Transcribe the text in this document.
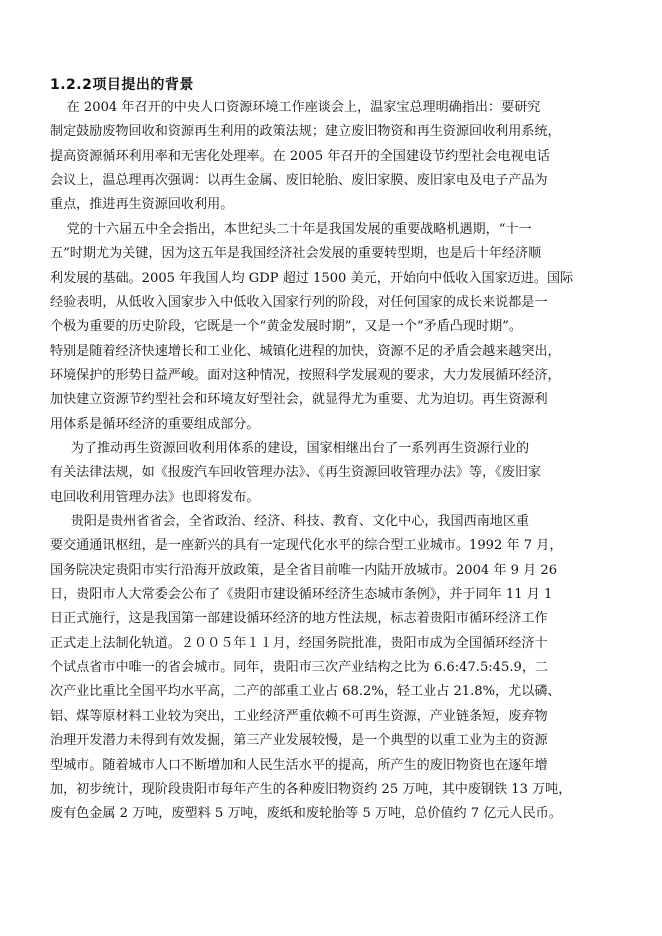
1.2.2项目提出的背景
在 2004 年召开的中央人口资源环境工作座谈会上，温家宝总理明确指出：要研究
制定鼓励废物回收和资源再生利用的政策法规；建立废旧物资和再生资源回收利用系统，
提高资源循环利用率和无害化处理率。在 2005 年召开的全国建设节约型社会电视电话
会议上，温总理再次强调：以再生金属、废旧轮胎、废旧家膜、废旧家电及电子产品为
重点，推进再生资源回收利用。
党的十六届五中全会指出，本世纪头二十年是我国发展的重要战略机遇期，“十一
五”时期尤为关键，因为这五年是我国经济社会发展的重要转型期，也是后十年经济顺
利发展的基础。2005 年我国人均 GDP 超过 1500 美元，开始向中低收入国家迈进。国际
经验表明，从低收入国家步入中低收入国家行列的阶段，对任何国家的成长来说都是一
个极为重要的历史阶段，它既是一个“黄金发展时期”，又是一个“矛盾凸现时期”。
特别是随着经济快速增长和工业化、城镇化进程的加快，资源不足的矛盾会越来越突出，
环境保护的形势日益严峻。面对这种情况，按照科学发展观的要求，大力发展循环经济，
加快建立资源节约型社会和环境友好型社会，就显得尤为重要、尤为迫切。再生资源利
用体系是循环经济的重要组成部分。
为了推动再生资源回收利用体系的建设，国家相继出台了一系列再生资源行业的
有关法律法规，如《报废汽车回收管理办法》、《再生资源回收管理办法》等，《废旧家
电回收利用管理办法》也即将发布。
贵阳是贵州省省会，全省政治、经济、科技、教育、文化中心，我国西南地区重
要交通通讯枢纽，是一座新兴的具有一定现代化水平的综合型工业城市。1992 年 7 月，
国务院决定贵阳市实行沿海开放政策，是全省目前唯一内陆开放城市。2004 年 9 月 26
日，贵阳市人大常委会公布了《贵阳市建设循环经济生态城市条例》，并于同年 11 月 1
日正式施行，这是我国第一部建设循环经济的地方性法规，标志着贵阳市循环经济工作
正式走上法制化轨道。２００５年１１月，经国务院批准，贵阳市成为全国循环经济十
个试点省市中唯一的省会城市。同年，贵阳市三次产业结构之比为 6.6:47.5:45.9，二
次产业比重比全国平均水平高，二产的部重工业占 68.2%，轻工业占 21.8%，尤以磷、
铝、煤等原材料工业较为突出，工业经济严重依赖不可再生资源，产业链条短，废弃物
治理开发潜力未得到有效发掘，第三产业发展较慢，是一个典型的以重工业为主的资源
型城市。随着城市人口不断增加和人民生活水平的提高，所产生的废旧物资也在逐年增
加，初步统计，现阶段贵阳市每年产生的各种废旧物资约 25 万吨，其中废钢铁 13 万吨，
废有色金属 2 万吨，废塑料 5 万吨，废纸和废轮胎等 5 万吨，总价值约 7 亿元人民币。
